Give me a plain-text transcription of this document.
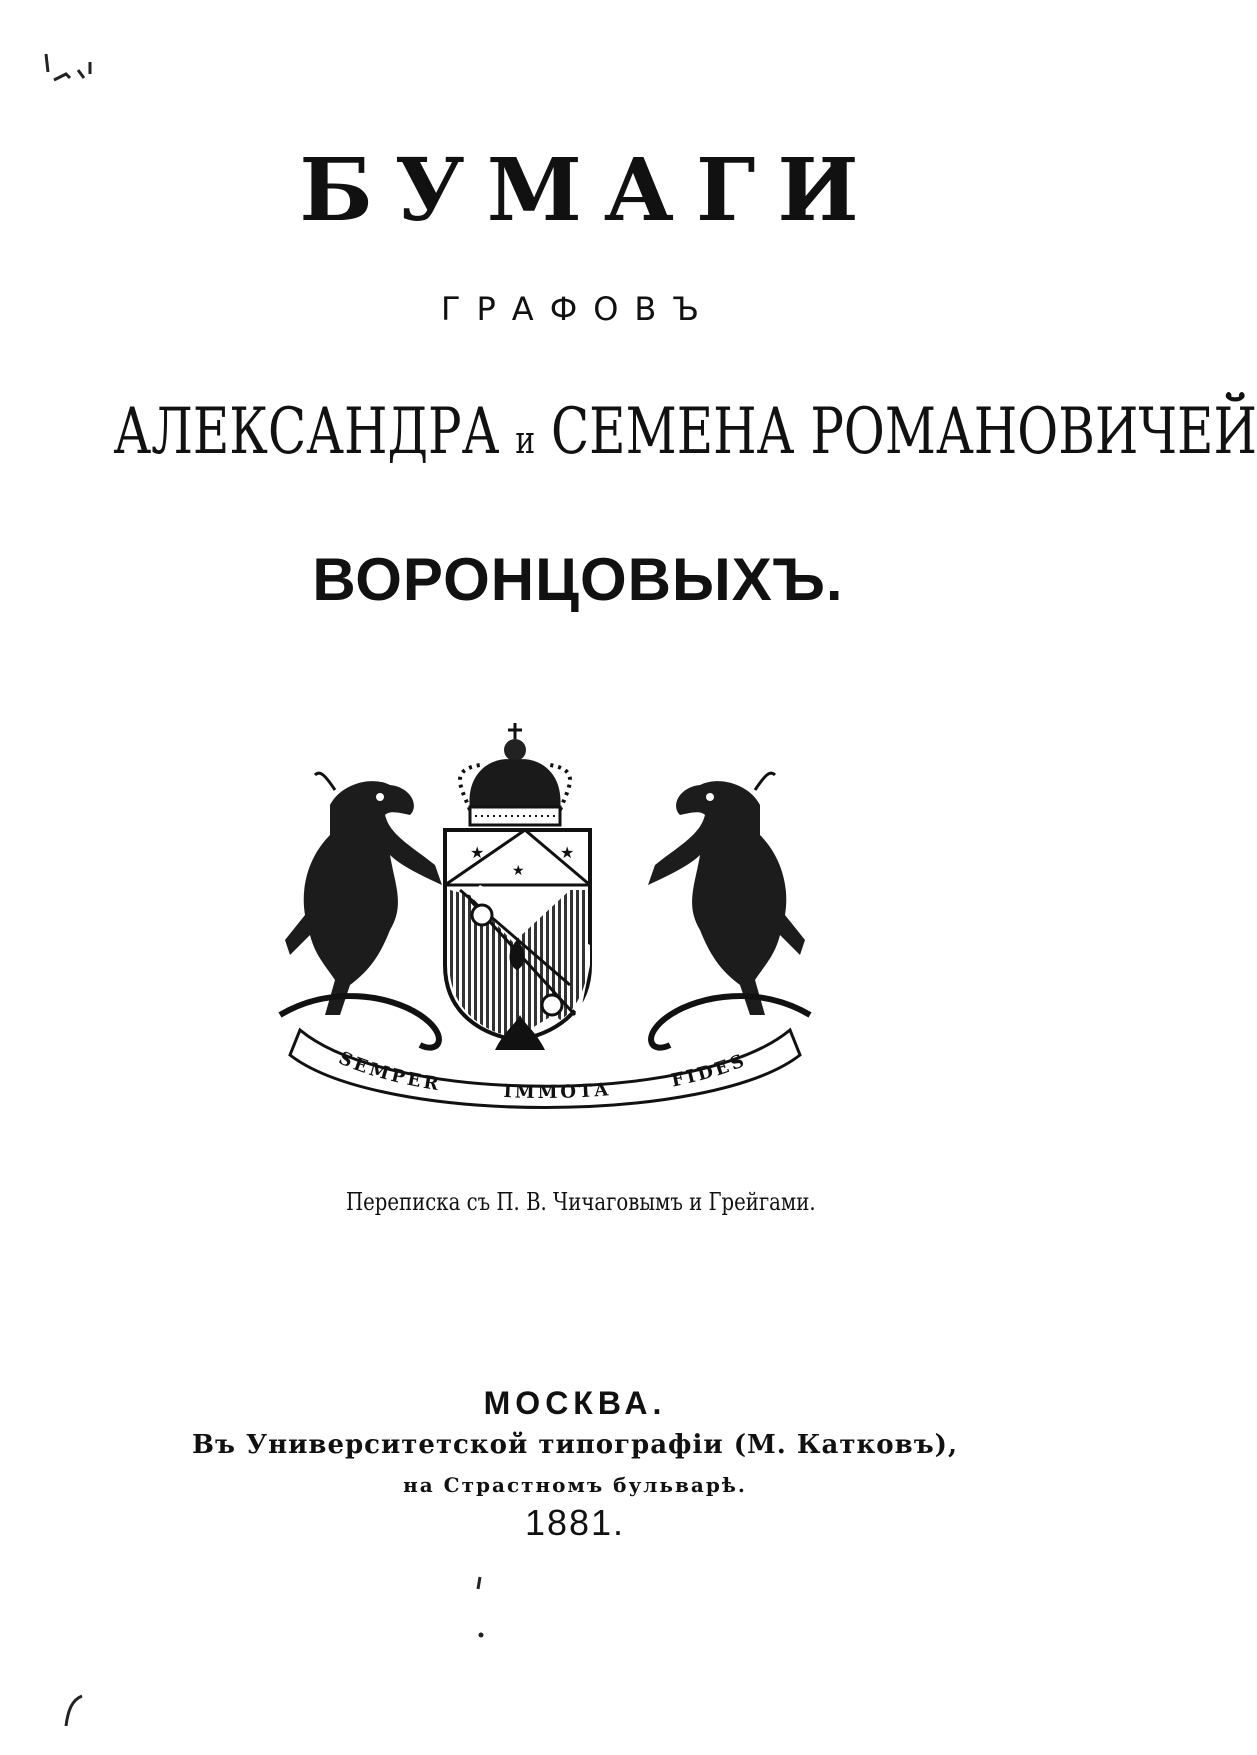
БУМАГИ
ГРАФОВЪ
АЛЕКСАНДРА и СЕМЕНА РОМАНОВИЧЕЙ
ВОРОНЦОВЫХЪ.
★	★
★
SEMPER	IMMOTA	FIDES
Переписка съ П. В. Чичаговымъ и Грейгами.
МОСКВА.
Въ Университетской типографіи (М. Катковъ),
на Страстномъ бульварѣ.
1881.
